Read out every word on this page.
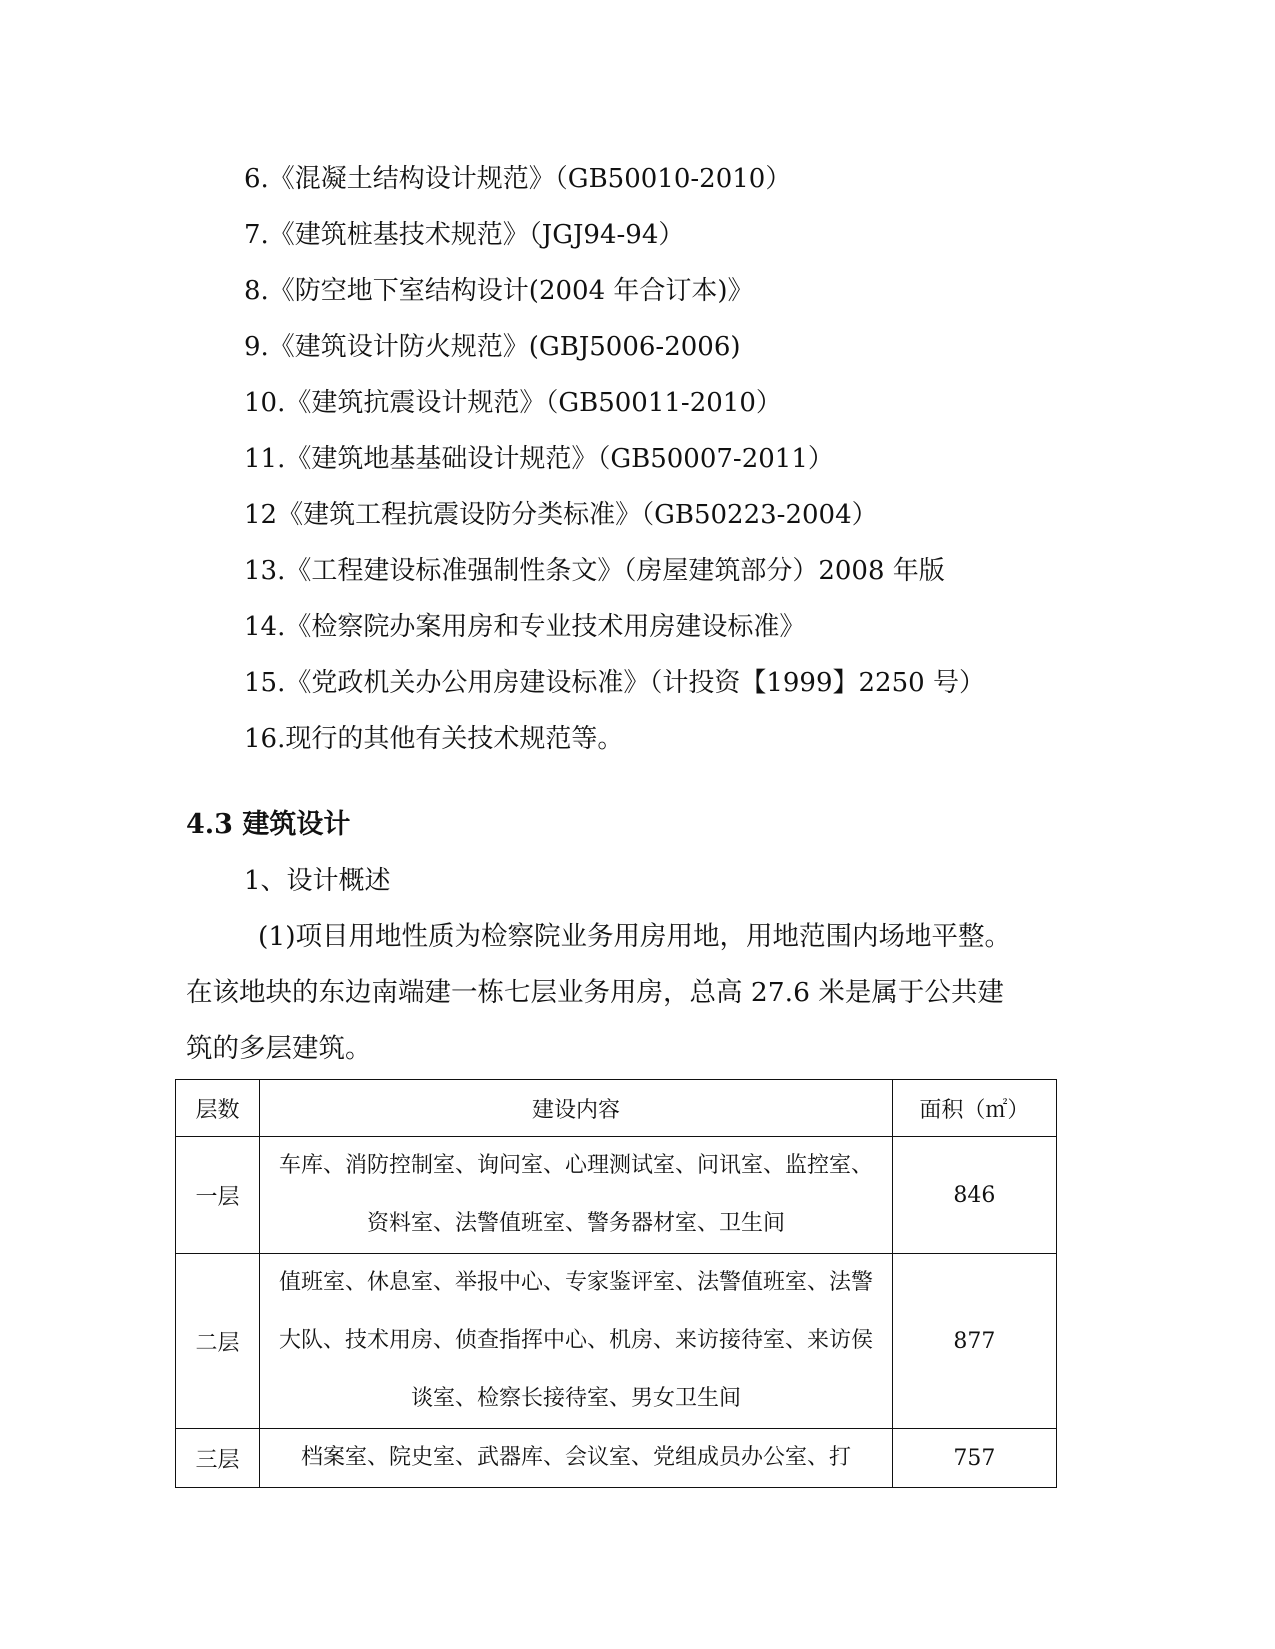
6.《混凝土结构设计规范》（GB50010-2010）
7.《建筑桩基技术规范》（JGJ94-94）
8.《防空地下室结构设计(2004 年合订本)》
9.《建筑设计防火规范》(GBJ5006-2006)
10.《建筑抗震设计规范》（GB50011-2010）
11.《建筑地基基础设计规范》（GB50007-2011）
12《建筑工程抗震设防分类标准》（GB50223-2004）
13.《工程建设标准强制性条文》（房屋建筑部分）2008 年版
14.《检察院办案用房和专业技术用房建设标准》
15.《党政机关办公用房建设标准》（计投资【1999】2250 号）
16.现行的其他有关技术规范等。
4.3 建筑设计
1、设计概述
(1)项目用地性质为检察院业务用房用地，用地范围内场地平整。
在该地块的东边南端建一栋七层业务用房，总高 27.6 米是属于公共建
筑的多层建筑。
层数	建设内容	面积（㎡）
一层	车库、消防控制室、询问室、心理测试室、问讯室、监控室、资料室、法警值班室、警务器材室、卫生间	846
二层	值班室、休息室、举报中心、专家鉴评室、法警值班室、法警大队、技术用房、侦查指挥中心、机房、来访接待室、来访侯谈室、检察长接待室、男女卫生间	877
三层	档案室、院史室、武器库、会议室、党组成员办公室、打	757
